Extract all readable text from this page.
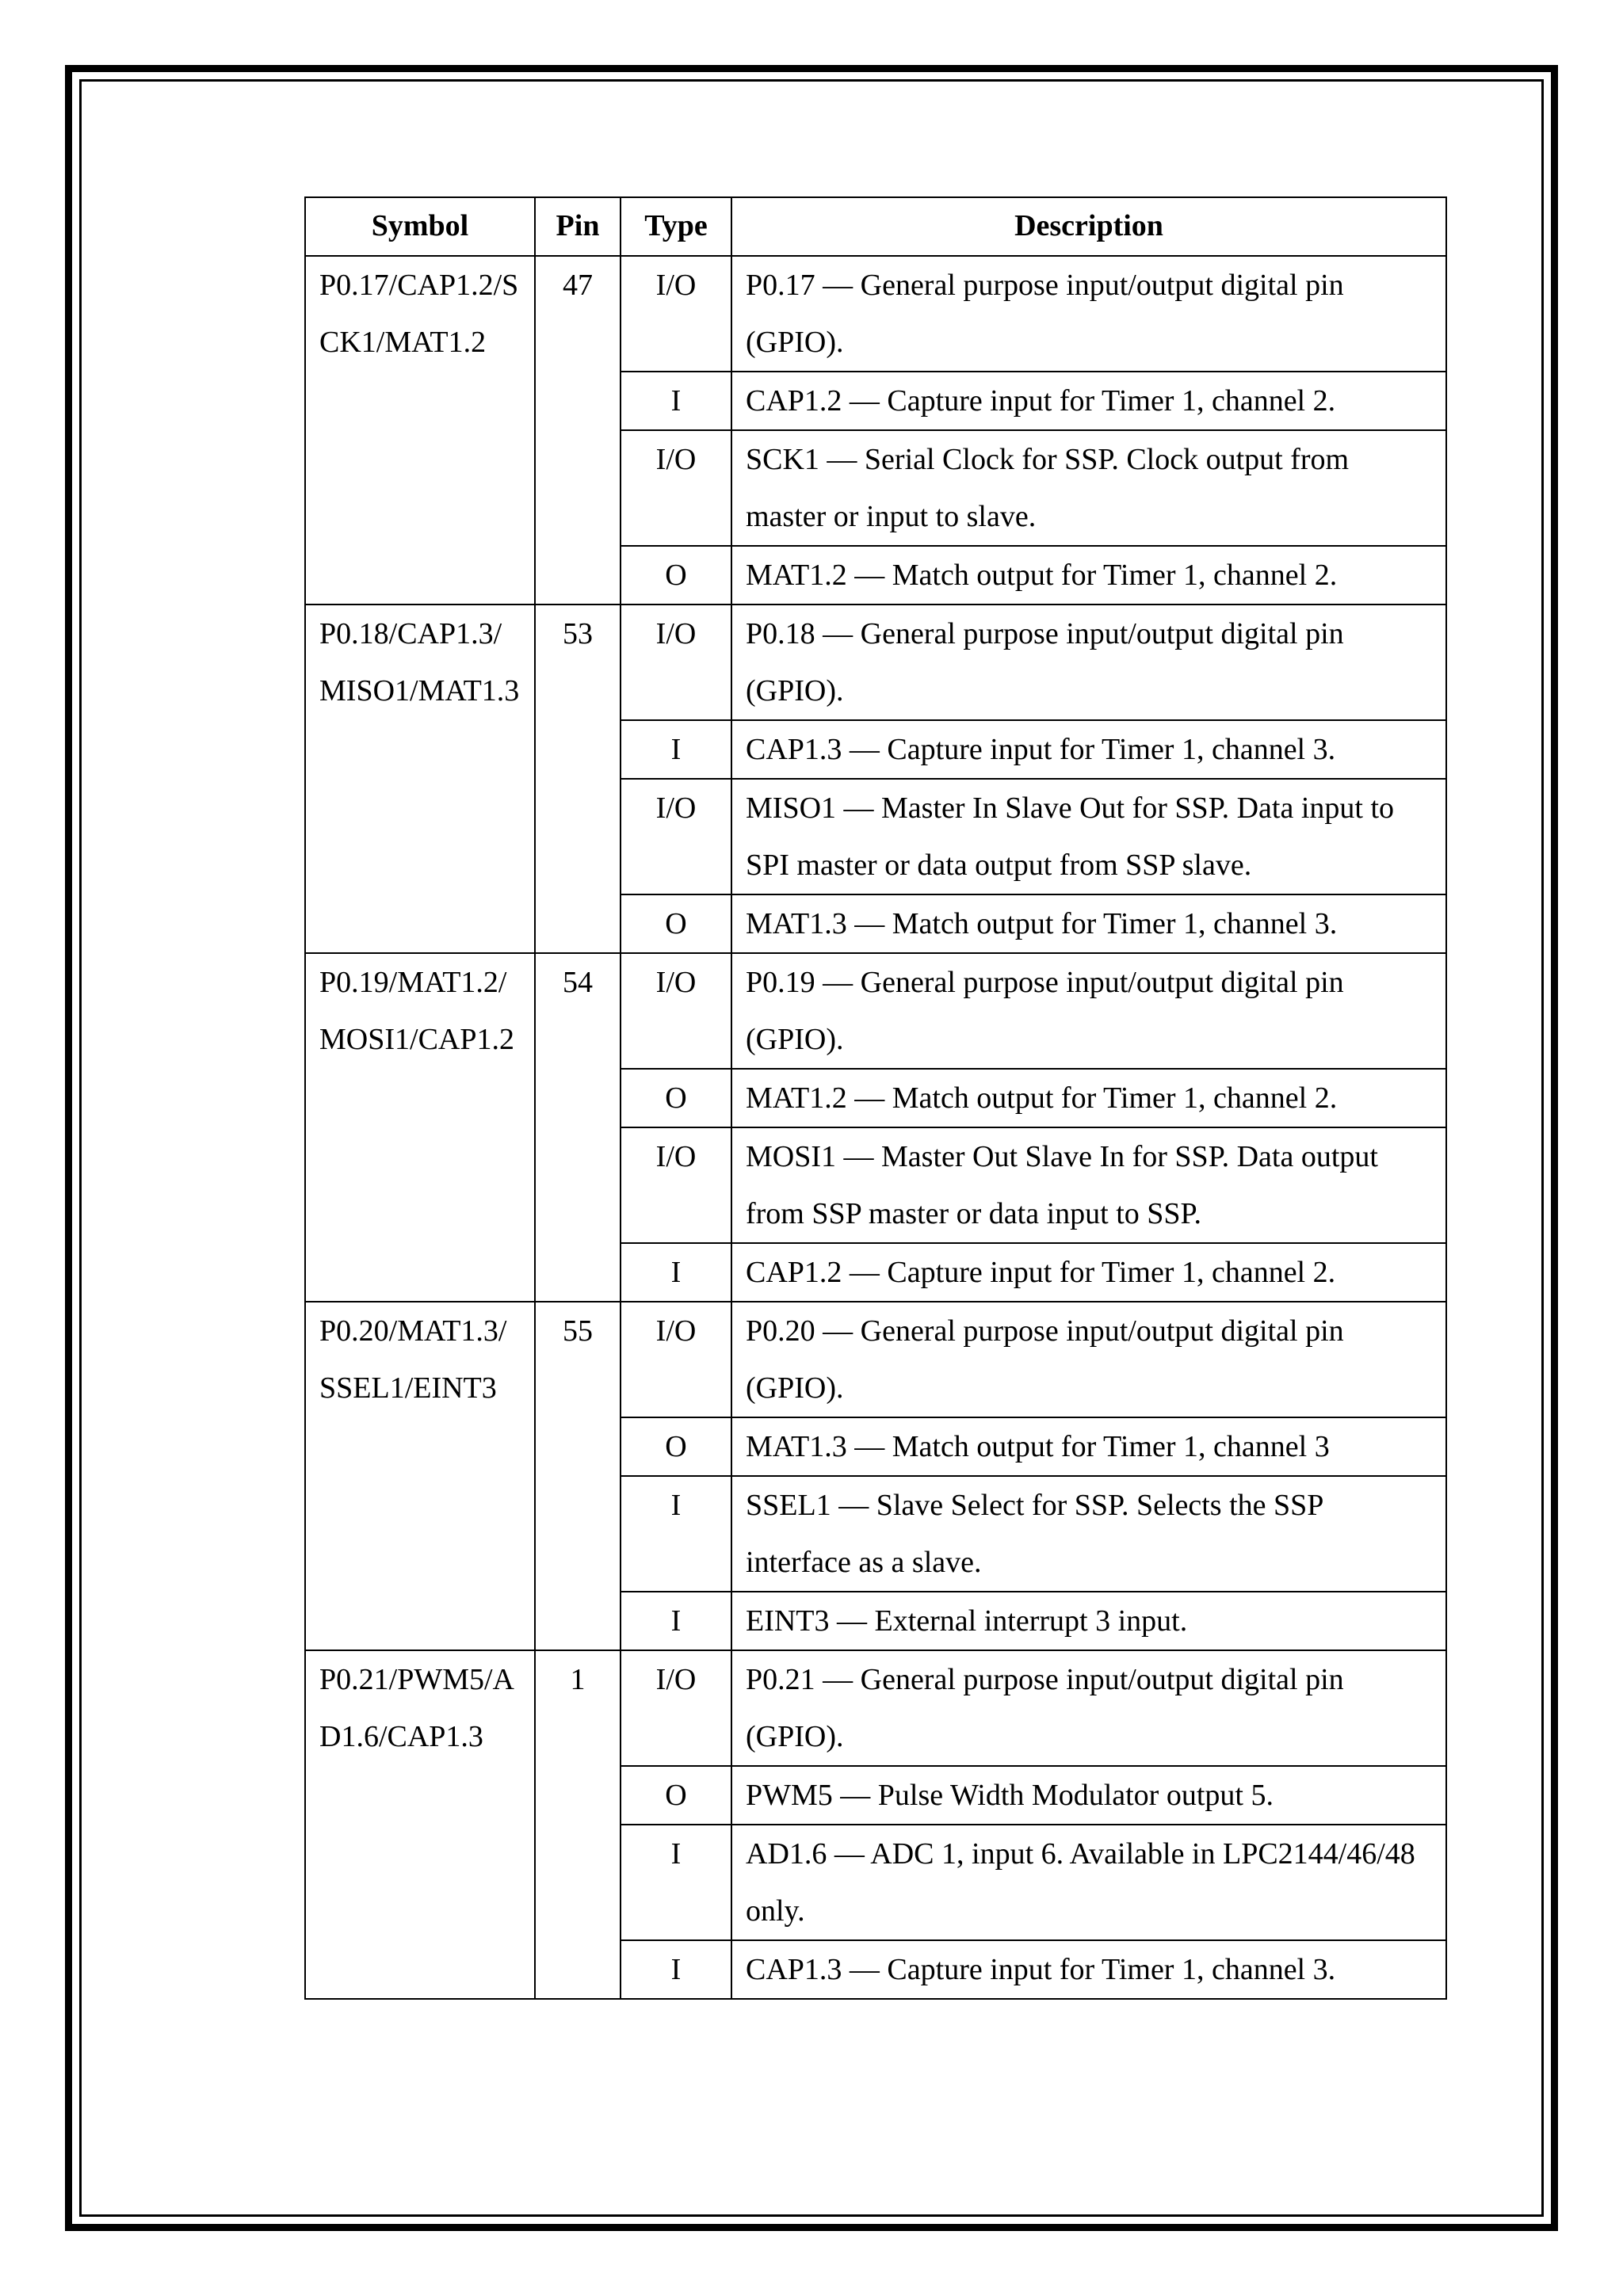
Symbol	Pin	Type	Description
P0.17/CAP1.2/SCK1/MAT1.2	47	I/O	P0.17 — General purpose input/output digital pin (GPIO).
		I	CAP1.2 — Capture input for Timer 1, channel 2.
		I/O	SCK1 — Serial Clock for SSP. Clock output from master or input to slave.
		O	MAT1.2 — Match output for Timer 1, channel 2.
P0.18/CAP1.3/MISO1/MAT1.3	53	I/O	P0.18 — General purpose input/output digital pin (GPIO).
		I	CAP1.3 — Capture input for Timer 1, channel 3.
		I/O	MISO1 — Master In Slave Out for SSP. Data input to SPI master or data output from SSP slave.
		O	MAT1.3 — Match output for Timer 1, channel 3.
P0.19/MAT1.2/MOSI1/CAP1.2	54	I/O	P0.19 — General purpose input/output digital pin (GPIO).
		O	MAT1.2 — Match output for Timer 1, channel 2.
		I/O	MOSI1 — Master Out Slave In for SSP. Data output from SSP master or data input to SSP.
		I	CAP1.2 — Capture input for Timer 1, channel 2.
P0.20/MAT1.3/SSEL1/EINT3	55	I/O	P0.20 — General purpose input/output digital pin (GPIO).
		O	MAT1.3 — Match output for Timer 1, channel 3
		I	SSEL1 — Slave Select for SSP. Selects the SSP interface as a slave.
		I	EINT3 — External interrupt 3 input.
P0.21/PWM5/AD1.6/CAP1.3	1	I/O	P0.21 — General purpose input/output digital pin (GPIO).
		O	PWM5 — Pulse Width Modulator output 5.
		I	AD1.6 — ADC 1, input 6. Available in LPC2144/46/48 only.
		I	CAP1.3 — Capture input for Timer 1, channel 3.
